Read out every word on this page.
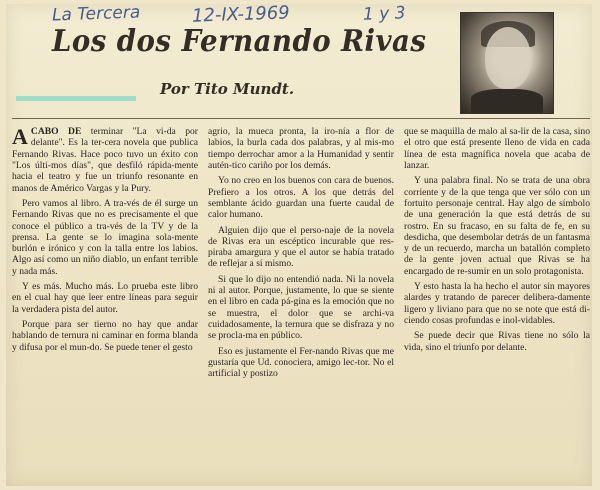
La Tercera	12-IX-1969	1 y 3
Los dos Fernando Rivas
Por Tito Mundt.

ACABO DE terminar "La vi-da por delante". Es la ter-cera novela que publica Fernando Rivas. Hace poco tuvo un éxito con "Los últi-mos días", que desfiló rápida-mente hacia el teatro y fue un triunfo resonante en manos de Américo Vargas y la Pury.

Pero vamos al libro. A tra-vés de él surge un Fernando Rivas que no es precisamente el que conoce el público a tra-vés de la TV y de la prensa. La gente se lo imagina sola-mente burlón e irónico y con la talla entre los labios. Algo así como un niño diablo, un enfant terrible y nada más.

Y es más. Mucho más. Lo prueba este libro en el cual hay que leer entre líneas para seguir la verdadera pista del autor.

Porque para ser tierno no hay que andar hablando de ternura ni caminar en forma blanda y difusa por el mun-do. Se puede tener el gesto

agrio, la mueca pronta, la iro-nía a flor de labios, la burla cada dos palabras, y al mis-mo tiempo derrochar amor a la Humanidad y sentir autén-tico cariño por los demás.

Yo no creo en los buenos con cara de buenos. Prefiero a los otros. A los que detrás del semblante ácido guardan una fuerte caudal de calor humano.

Alguien dijo que el perso-naje de la novela de Rivas era un escéptico incurable que res-piraba amargura y que el autor se había tratado de reflejar a sí mismo.

Si que lo dijo no entendió nada. Ni la novela ni al autor. Porque, justamente, lo que se siente en el libro en cada pá-gina es la emoción que no se muestra, el dolor que se archi-va cuidadosamente, la ternura que se disfraza y no se procla-ma en público.

Eso es justamente el Fer-nando Rivas que me gustaría que Ud. conociera, amigo lec-tor. No el artificial y postizo

que se maquilla de malo al sa-lir de la casa, sino el otro que está presente lleno de vida en cada línea de esta magnífica novela que acaba de lanzar.

Y una palabra final. No se trata de una obra corriente y de la que tenga que ver sólo con un fortuito personaje central. Hay algo de símbolo de una generación la que está detrás de su rostro. En su fracaso, en su falta de fe, en su desdicha, que desembolar detrás de un fantasma y de un recuerdo, marcha un batallón completo de la gente joven actual que Rivas se ha encargado de re-sumir en un solo protagonista.

Y esto hasta la ha hecho el autor sin mayores alardes y tratando de parecer delibera-damente ligero y liviano para que no se note que está di-ciendo cosas profundas e inol-vidables.

Se puede decir que Rivas tiene no sólo la vida, sino el triunfo por delante.
